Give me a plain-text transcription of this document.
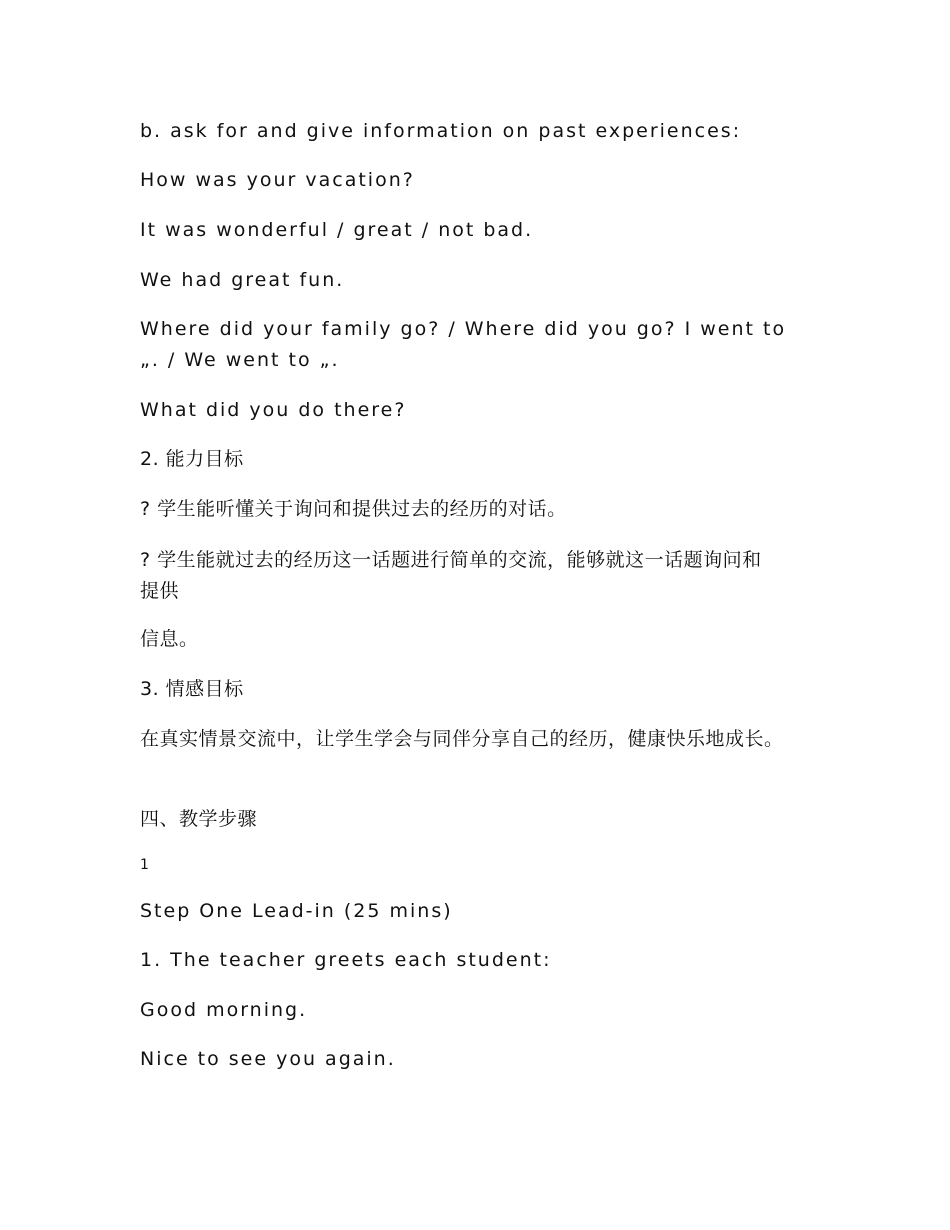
b. ask for and give information on past experiences:
How was your vacation?
It was wonderful / great / not bad.
We had great fun.
Where did your family go? / Where did you go? I went to
„. / We went to „.
What did you do there?
2. 能力目标
? 学生能听懂关于询问和提供过去的经历的对话。
? 学生能就过去的经历这一话题进行简单的交流，能够就这一话题询问和
提供
信息。
3. 情感目标
在真实情景交流中，让学生学会与同伴分享自己的经历，健康快乐地成长。
四、教学步骤
1
Step One Lead-in (25 mins)
1. The teacher greets each student:
Good morning.
Nice to see you again.
